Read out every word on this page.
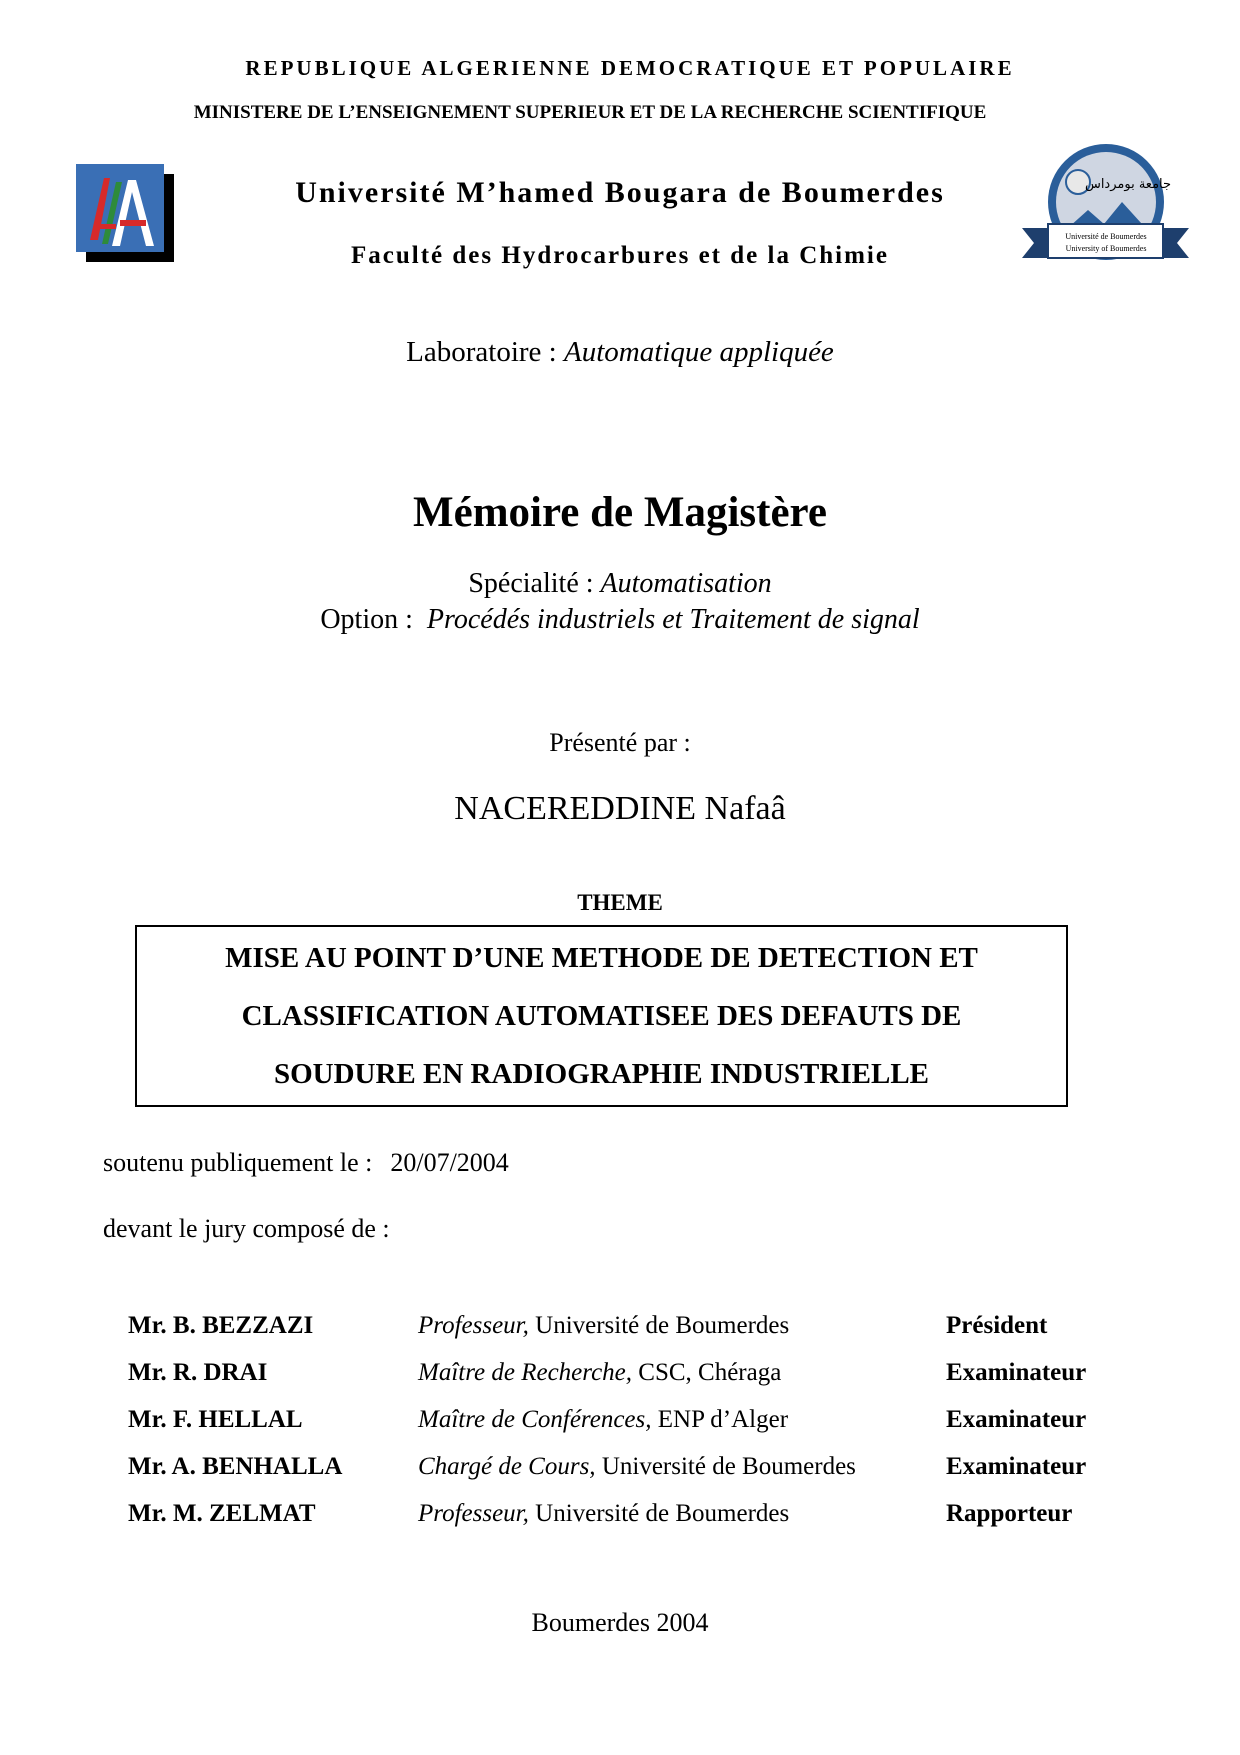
REPUBLIQUE ALGERIENNE DEMOCRATIQUE ET POPULAIRE
MINISTERE DE L’ENSEIGNEMENT SUPERIEUR ET DE LA RECHERCHE SCIENTIFIQUE
جامعة بومرداس
Université de Boumerdes
University of Boumerdes
Université M’hamed Bougara de Boumerdes
Faculté des Hydrocarbures et de la Chimie
Laboratoire : Automatique appliquée
Mémoire de Magistère
Spécialité : Automatisation
Option :  Procédés industriels et Traitement de signal
Présenté par :
NACEREDDINE Nafaâ
THEME
MISE AU POINT D’UNE METHODE DE DETECTION ET
CLASSIFICATION AUTOMATISEE DES DEFAUTS DE
SOUDURE EN RADIOGRAPHIE INDUSTRIELLE
soutenu publiquement le : 20/07/2004
devant le jury composé de :
Mr. B. BEZZAZI	Professeur, Université de Boumerdes	Président
Mr. R. DRAI	Maître de Recherche, CSC, Chéraga	Examinateur
Mr. F. HELLAL	Maître de Conférences, ENP d’Alger	Examinateur
Mr. A. BENHALLA	Chargé de Cours, Université de Boumerdes	Examinateur
Mr. M. ZELMAT	Professeur, Université de Boumerdes	Rapporteur
Boumerdes 2004
